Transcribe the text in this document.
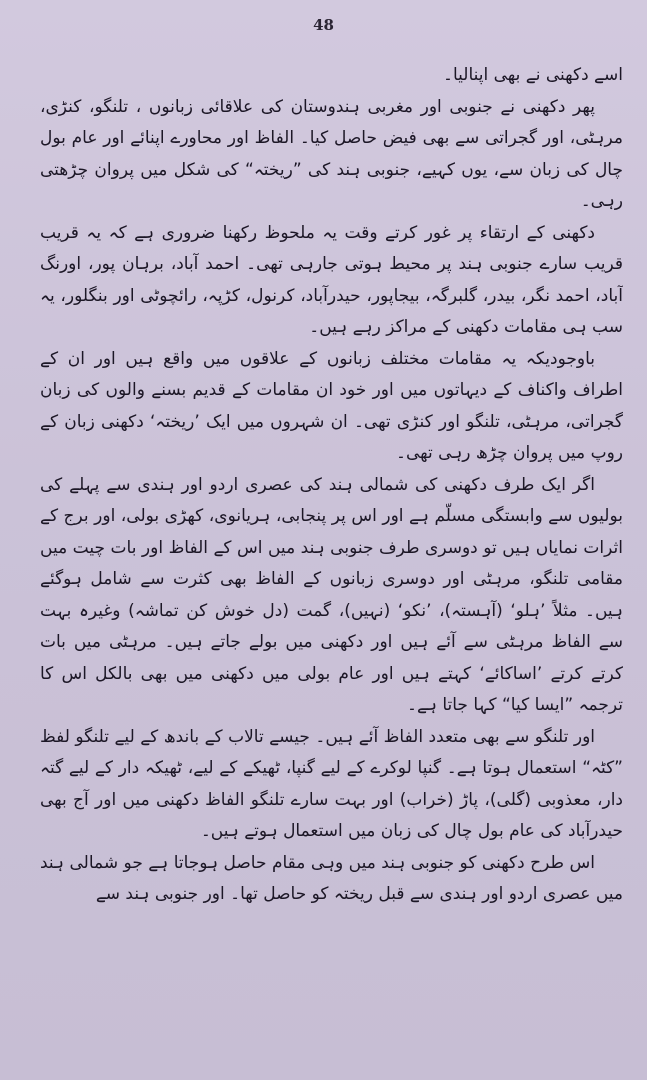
48

اسے دکھنی نے بھی اپنالیا۔

پھر دکھنی نے جنوبی اور مغربی ہندوستان کی علاقائی زبانوں ، تلنگو، کنڑی، مرہٹی، اور گجراتی سے بھی فیض حاصل کیا۔ الفاظ اور محاورے اپنائے اور عام بول چال کی زبان سے، یوں کہیے، جنوبی ہند کی ”ریختہ“ کی شکل میں پروان چڑھتی رہی۔

دکھنی کے ارتقاء پر غور کرتے وقت یہ ملحوظ رکھنا ضروری ہے کہ یہ قریب قریب سارے جنوبی ہند پر محیط ہوتی جارہی تھی۔ احمد آباد، برہان پور، اورنگ آباد، احمد نگر، بیدر، گلبرگہ، بیجاپور، حیدرآباد، کرنول، کڑپہ، رائچوٹی اور بنگلور، یہ سب ہی مقامات دکھنی کے مراکز رہے ہیں۔

باوجودیکہ یہ مقامات مختلف زبانوں کے علاقوں میں واقع ہیں اور ان کے اطراف واکناف کے دیہاتوں میں اور خود ان مقامات کے قدیم بسنے والوں کی زبان گجراتی، مرہٹی، تلنگو اور کنڑی تھی۔ ان شہروں میں ایک ’ریختہ‘ دکھنی زبان کے روپ میں پروان چڑھ رہی تھی۔

اگر ایک طرف دکھنی کی شمالی ہند کی عصری اردو اور ہندی سے پہلے کی بولیوں سے وابستگی مسلّم ہے اور اس پر پنجابی، ہریانوی، کھڑی بولی، اور برج کے اثرات نمایاں ہیں تو دوسری طرف جنوبی ہند میں اس کے الفاظ اور بات چیت میں مقامی تلنگو، مرہٹی اور دوسری زبانوں کے الفاظ بھی کثرت سے شامل ہوگئے ہیں۔ مثلاً ’ہلو‘ (آہستہ)، ’نکو‘ (نہیں)، گمت (دل خوش کن تماشہ) وغیرہ بہت سے الفاظ مرہٹی سے آئے ہیں اور دکھنی میں بولے جاتے ہیں۔ مرہٹی میں بات کرتے کرتے ’اساکائے‘ کہتے ہیں اور عام بولی میں دکھنی میں بھی بالکل اس کا ترجمہ ”ایسا کیا“ کہا جاتا ہے۔

اور تلنگو سے بھی متعدد الفاظ آئے ہیں۔ جیسے تالاب کے باندھ کے لیے تلنگو لفظ ”کٹہ“ استعمال ہوتا ہے۔ گنپا لوکرے کے لیے گنپا، ٹھیکے کے لیے، ٹھیکہ دار کے لیے گتہ دار، معذوبی (گلی)، پاڑ (خراب) اور بہت سارے تلنگو الفاظ دکھنی میں اور آج بھی حیدرآباد کی عام بول چال کی زبان میں استعمال ہوتے ہیں۔

اس طرح دکھنی کو جنوبی ہند میں وہی مقام حاصل ہوجاتا ہے جو شمالی ہند میں عصری اردو اور ہندی سے قبل ریختہ کو حاصل تھا۔ اور جنوبی ہند سے
